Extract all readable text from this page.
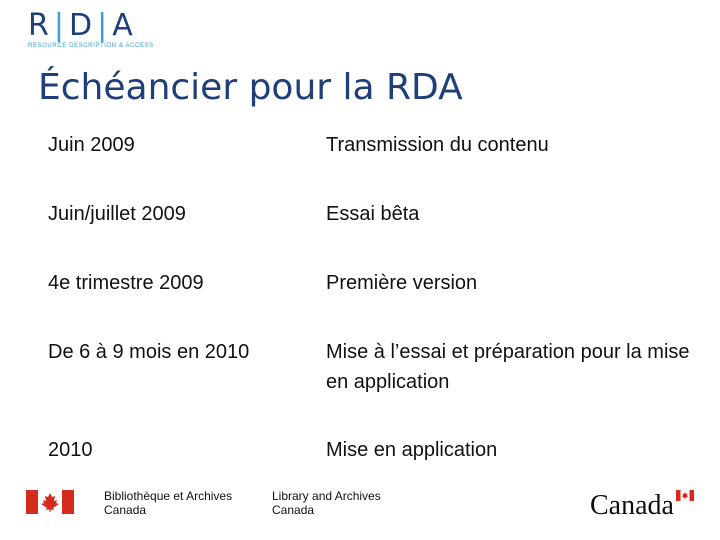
R | D | A
RESOURCE DESCRIPTION & ACCESS
Échéancier pour la RDA
Juin 2009	Transmission du contenu
Juin/juillet 2009	Essai bêta
4e trimestre 2009	Première version
De 6 à 9 mois en 2010	Mise à l’essai et préparation pour la mise en application
2010	Mise en application
Bibliothèque et Archives
Canada
Library and Archives
Canada	Canada
